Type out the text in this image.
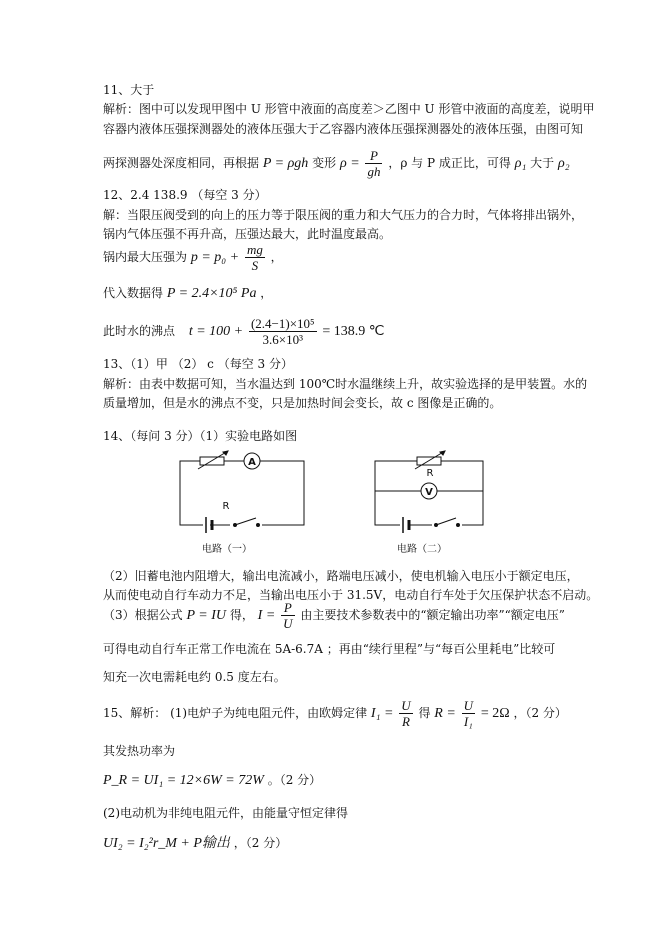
11、大于
解析：图中可以发现甲图中 U 形管中液面的高度差＞乙图中 U 形管中液面的高度差，说明甲
容器内液体压强探测器处的液体压强大于乙容器内液体压强探测器处的液体压强，由图可知
两探测器处深度相同，再根据 P = ρgh 变形 $\rho = \frac{P}{gh}$ ，ρ 与 P 成正比，可得 ρ₁ 大于 ρ₂
12、2.4 138.9 （每空 3 分）
解：当限压阀受到的向上的压力等于限压阀的重力和大气压力的合力时，气体将排出锅外，
锅内气体压强不再升高，压强达最大，此时温度最高。
锅内最大压强为 $p = p_0 + \frac{mg}{S}$ ，
代入数据得 P = 2.4×10⁵ Pa ，
此时水的沸点 $t = 100 + \frac{\text{(2.4−1)×10⁵}}{\text{3.6×10³}} = 138.9$ ℃
13、（1）甲 （2） c （每空 3 分）
解析：由表中数据可知，当水温达到 100℃时水温继续上升，故实验选择的是甲装置。水的
质量增加，但是水的沸点不变，只是加热时间会变长，故 c 图像是正确的。
14、（每问 3 分）（1）实验电路如图
A
R
R
V
电路（一）	电路（二）
（2）旧蓄电池内阻增大，输出电流减小，路端电压减小，使电机输入电压小于额定电压，
从而使电动自行车动力不足，当输出电压小于 31.5V，电动自行车处于欠压保护状态不启动。
（3）根据公式 P = IU 得， $I = \frac{P}{U}$ 由主要技术参数表中的“额定输出功率”“额定电压”
可得电动自行车正常工作电流在 5A-6.7A ；再由“续行里程”与“每百公里耗电”比较可
知充一次电需耗电约 0.5 度左右。
15、解析： (1)电炉子为纯电阻元件，由欧姆定律 $I_1 = \frac{U}{R}$ 得 $R = \frac{U}{\text{I₁}} = 2\Omega$ ，（2 分）
其发热功率为
P_R = UI₁ = 12×6W = 72W 。（2 分）
(2)电动机为非纯电阻元件，由能量守恒定律得
UI₂ = I₂²r_M + P输出 ，（2 分）
